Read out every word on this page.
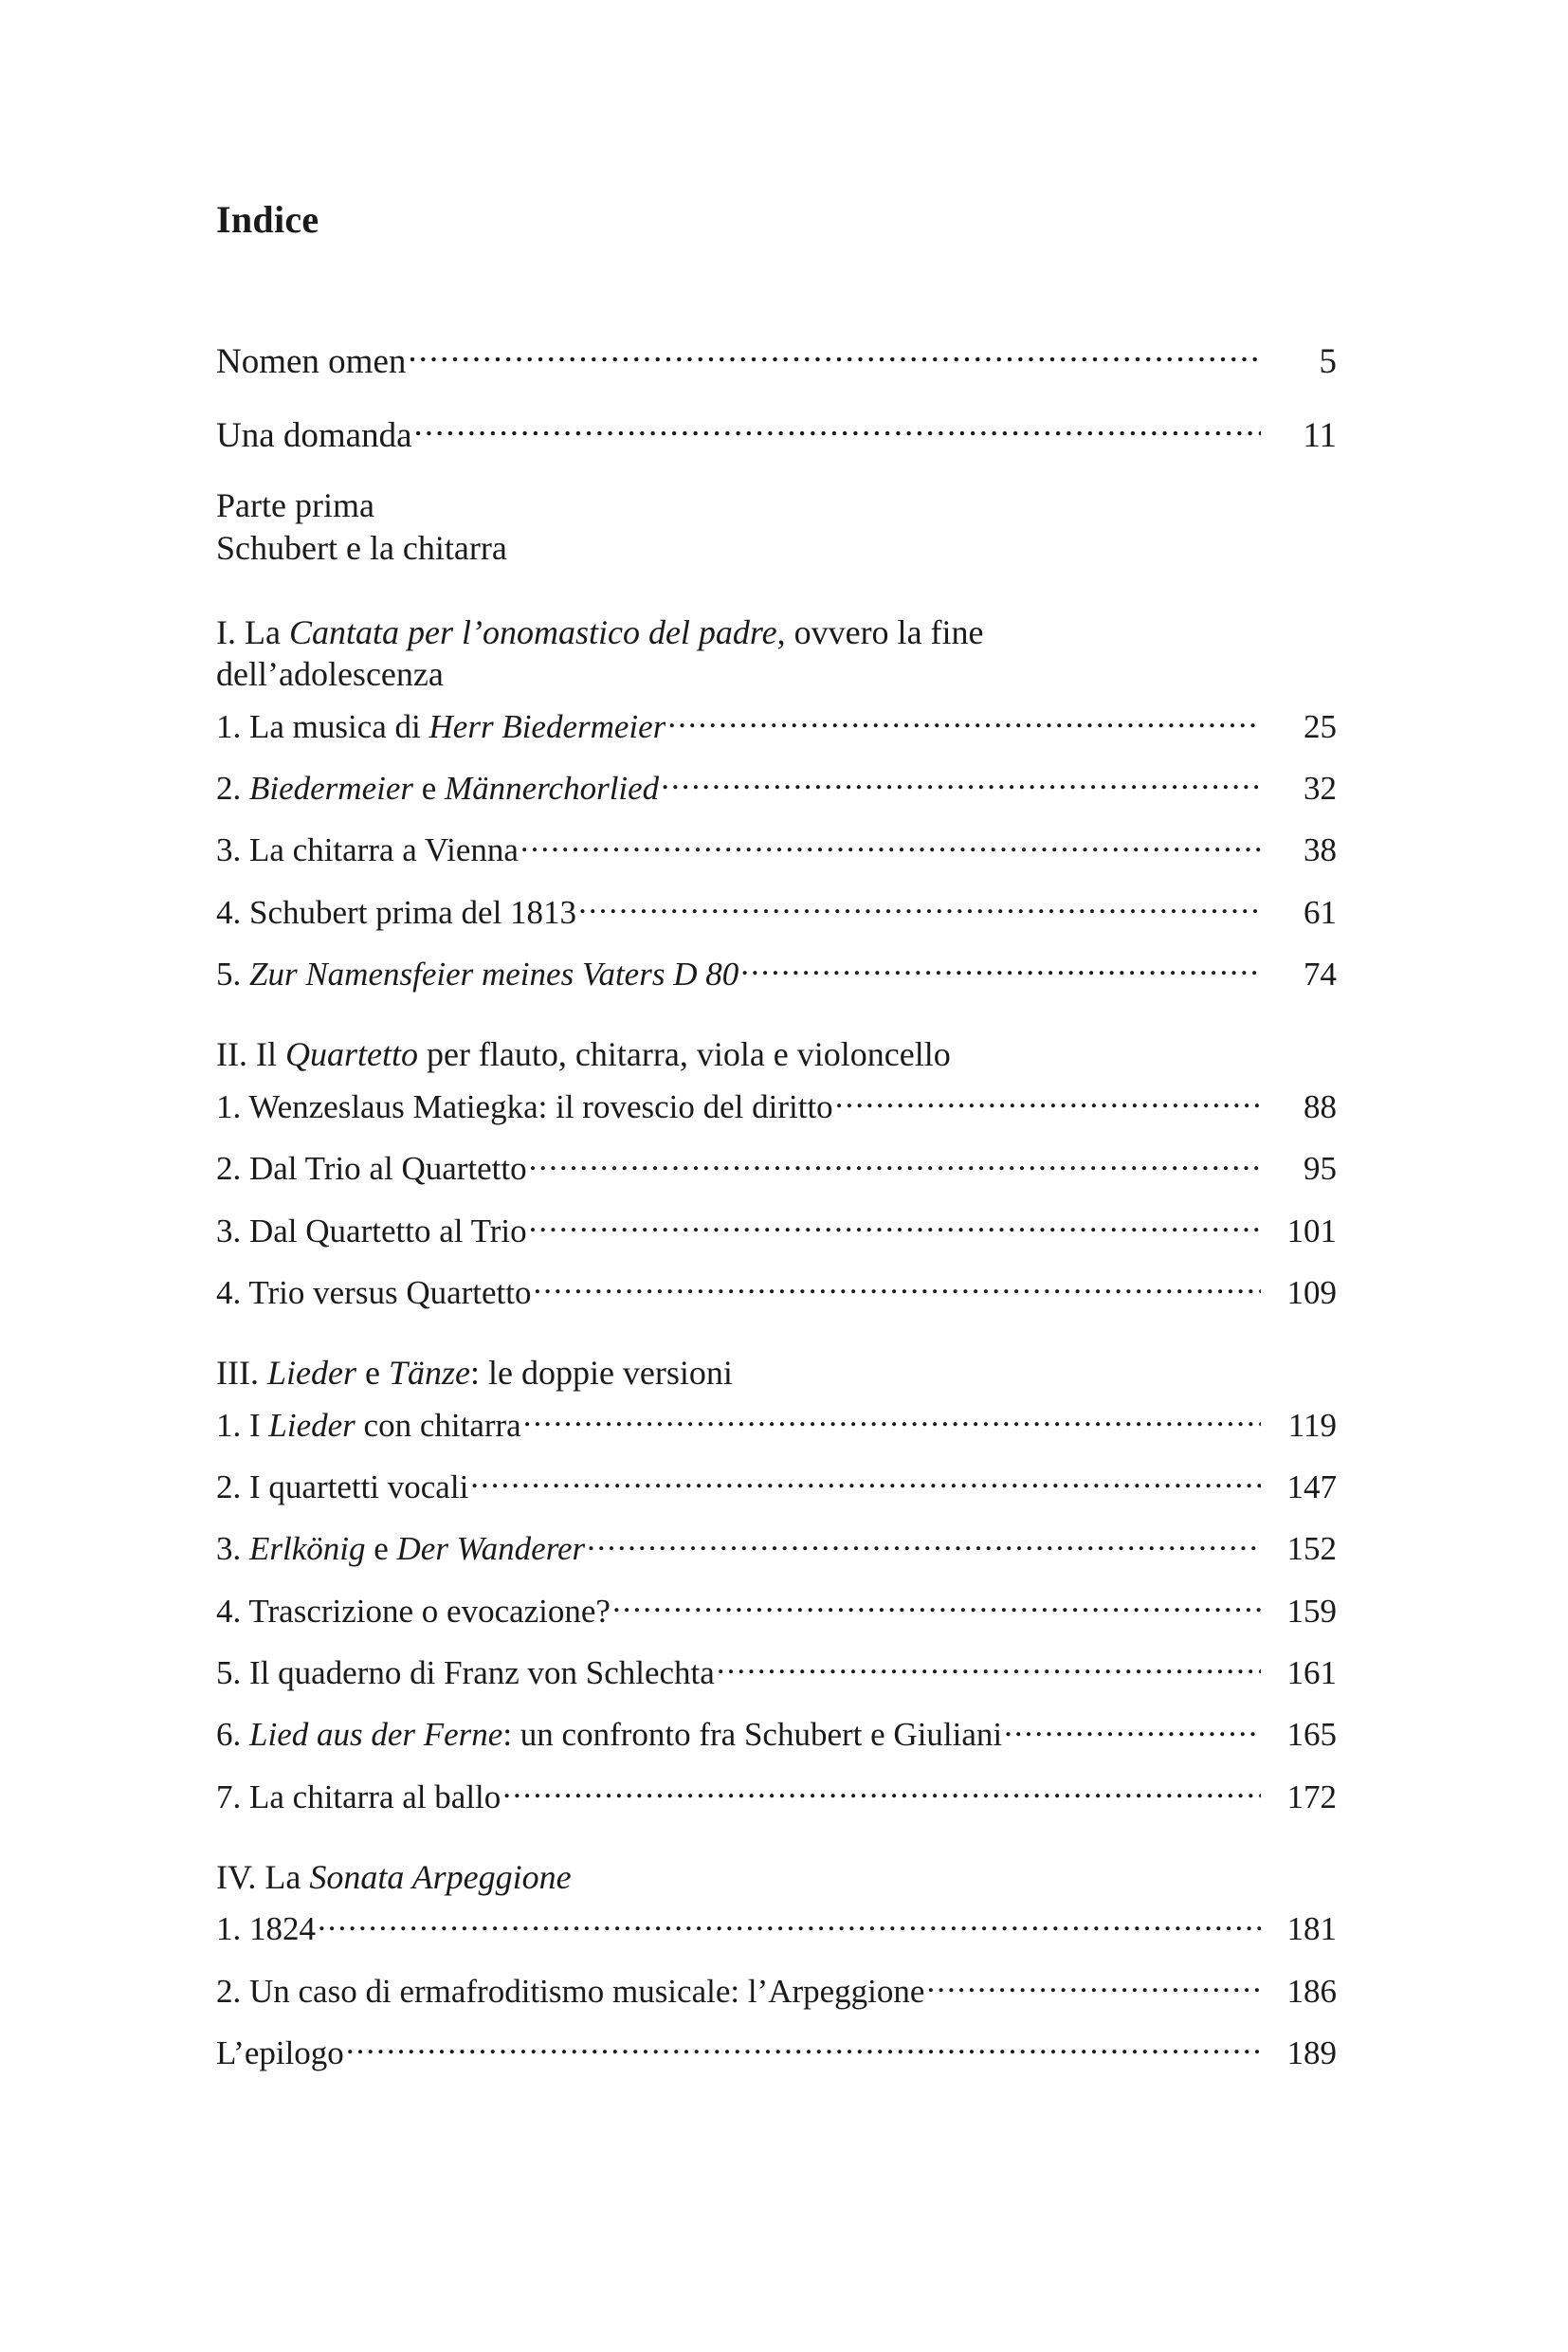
Indice
Nomen omen .....	5
Una domanda .....	11
Parte prima
Schubert e la chitarra
I. La Cantata per l’onomastico del padre, ovvero la fine
dell’adolescenza
1. La musica di Herr Biedermeier .....	25
2. Biedermeier e Männerchorlied .....	32
3. La chitarra a Vienna .....	38
4. Schubert prima del 1813 .....	61
5. Zur Namensfeier meines Vaters D 80 .....	74
II. Il Quartetto per flauto, chitarra, viola e violoncello
1. Wenzeslaus Matiegka: il rovescio del diritto .....	88
2. Dal Trio al Quartetto .....	95
3. Dal Quartetto al Trio .....	101
4. Trio versus Quartetto .....	109
III. Lieder e Tänze: le doppie versioni
1. I Lieder con chitarra .....	119
2. I quartetti vocali .....	147
3. Erlkönig e Der Wanderer .....	152
4. Trascrizione o evocazione? .....	159
5. Il quaderno di Franz von Schlechta .....	161
6. Lied aus der Ferne: un confronto fra Schubert e Giuliani .....	165
7. La chitarra al ballo .....	172
IV. La Sonata Arpeggione
1. 1824 .....	181
2. Un caso di ermafroditismo musicale: l’Arpeggione .....	186
L’epilogo .....	189
